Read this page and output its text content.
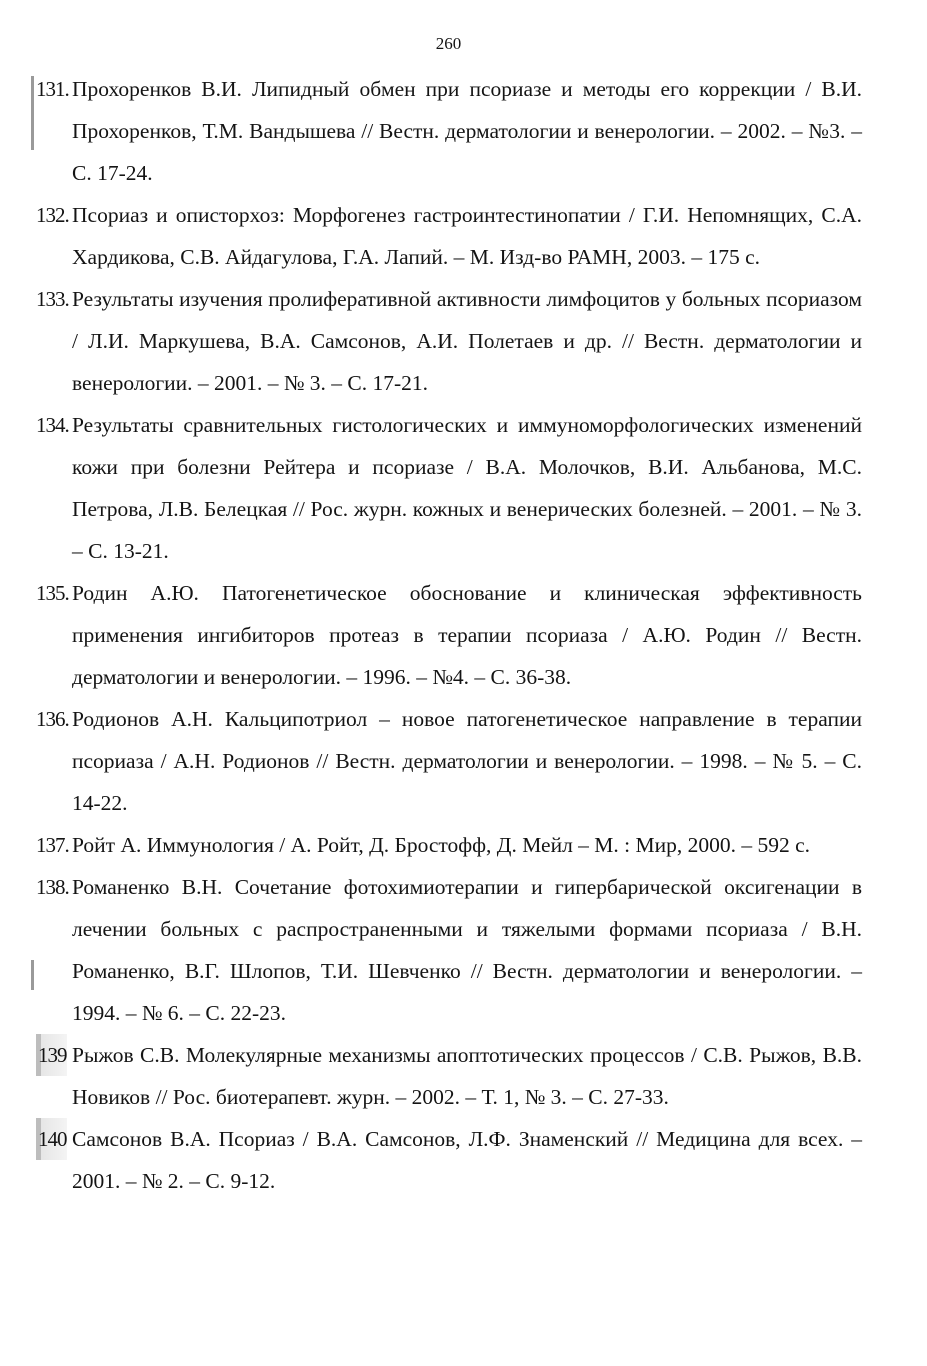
260
131. Прохоренков В.И. Липидный обмен при псориазе и методы его коррекции / В.И. Прохоренков, Т.М. Вандышева // Вестн. дерматологии и венерологии. – 2002. – №3. – С. 17-24.
132. Псориаз и описторхоз: Морфогенез гастроинтестинопатии / Г.И. Непомнящих, С.А. Хардикова, С.В. Айдагулова, Г.А. Лапий. – М. Изд-во РАМН, 2003. – 175 с.
133. Результаты изучения пролиферативной активности лимфоцитов у больных псориазом / Л.И. Маркушева, В.А. Самсонов, А.И. Полетаев и др. // Вестн. дерматологии и венерологии. – 2001. – № 3. – С. 17-21.
134. Результаты сравнительных гистологических и иммуноморфологических изменений кожи при болезни Рейтера и псориазе / В.А. Молочков, В.И. Альбанова, М.С. Петрова, Л.В. Белецкая // Рос. журн. кожных и венерических болезней. – 2001. – № 3. – С. 13-21.
135. Родин А.Ю. Патогенетическое обоснование и клиническая эффективность применения ингибиторов протеаз в терапии псориаза / А.Ю. Родин // Вестн. дерматологии и венерологии. – 1996. – №4. – С. 36-38.
136. Родионов А.Н. Кальципотриол – новое патогенетическое направление в терапии псориаза / А.Н. Родионов // Вестн. дерматологии и венерологии. – 1998. – № 5. – С. 14-22.
137. Ройт А. Иммунология / А. Ройт, Д. Бростофф, Д. Мейл – М. : Мир, 2000. – 592 с.
138. Романенко В.Н. Сочетание фотохимиотерапии и гипербарической оксигенации в лечении больных с распространенными и тяжелыми формами псориаза / В.Н. Романенко, В.Г. Шлопов, Т.И. Шевченко // Вестн. дерматологии и венерологии. – 1994. – № 6. – С. 22-23.
139 Рыжов С.В. Молекулярные механизмы апоптотических процессов / С.В. Рыжов, В.В. Новиков // Рос. биотерапевт. журн. – 2002. – Т. 1, № 3. – С. 27-33.
140 Самсонов В.А. Псориаз / В.А. Самсонов, Л.Ф. Знаменский // Медицина для всех. – 2001. – № 2. – С. 9-12.
